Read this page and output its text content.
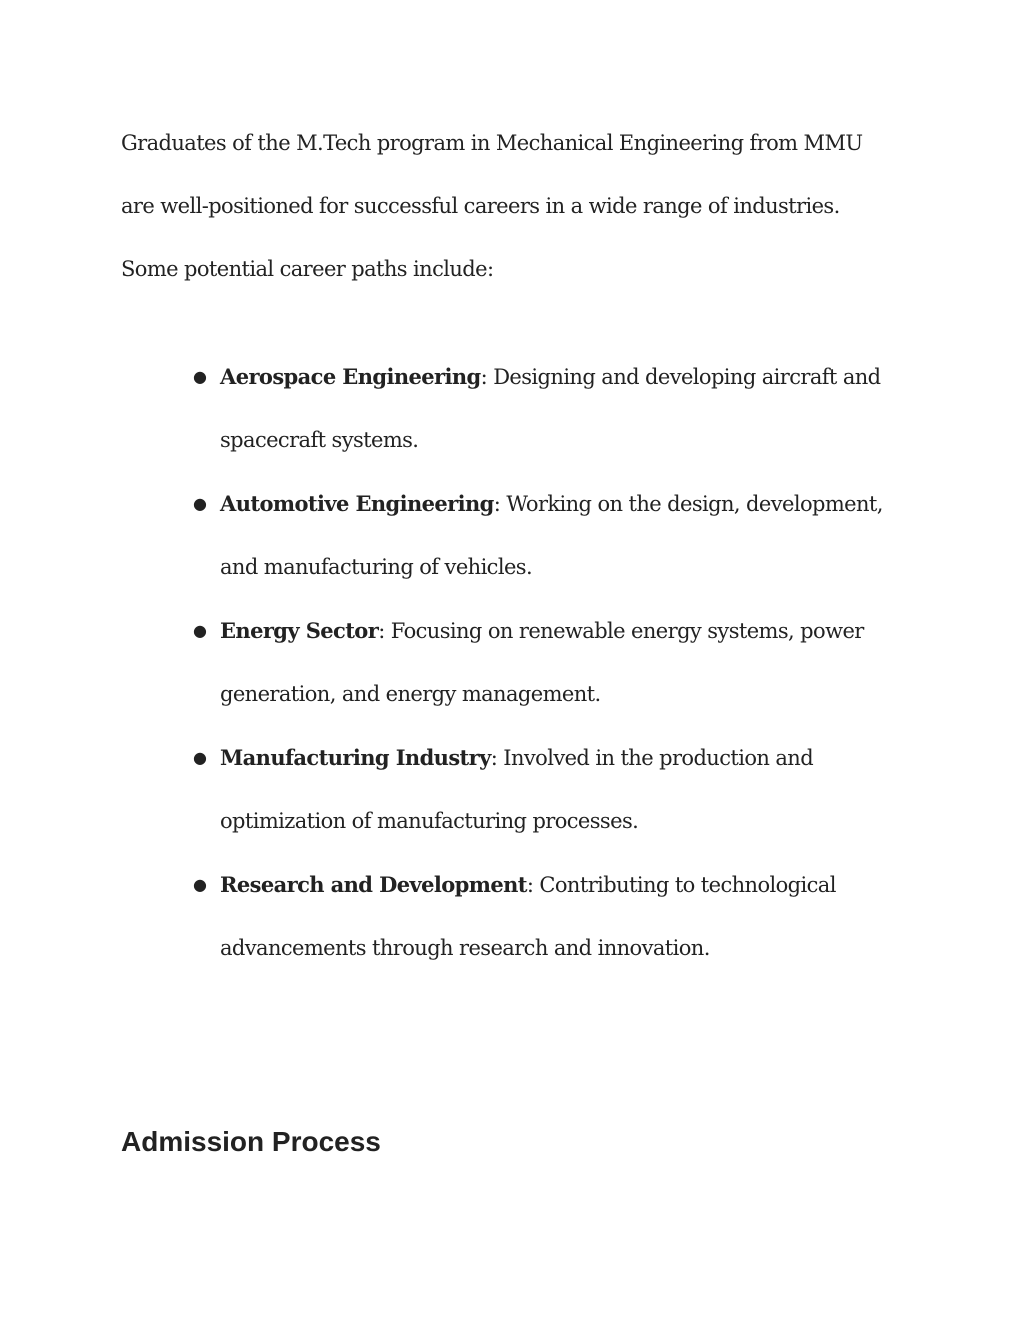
Graduates of the M.Tech program in Mechanical Engineering from MMU are well-positioned for successful careers in a wide range of industries. Some potential career paths include:

● Aerospace Engineering: Designing and developing aircraft and spacecraft systems.
● Automotive Engineering: Working on the design, development, and manufacturing of vehicles.
● Energy Sector: Focusing on renewable energy systems, power generation, and energy management.
● Manufacturing Industry: Involved in the production and optimization of manufacturing processes.
● Research and Development: Contributing to technological advancements through research and innovation.
Admission Process
